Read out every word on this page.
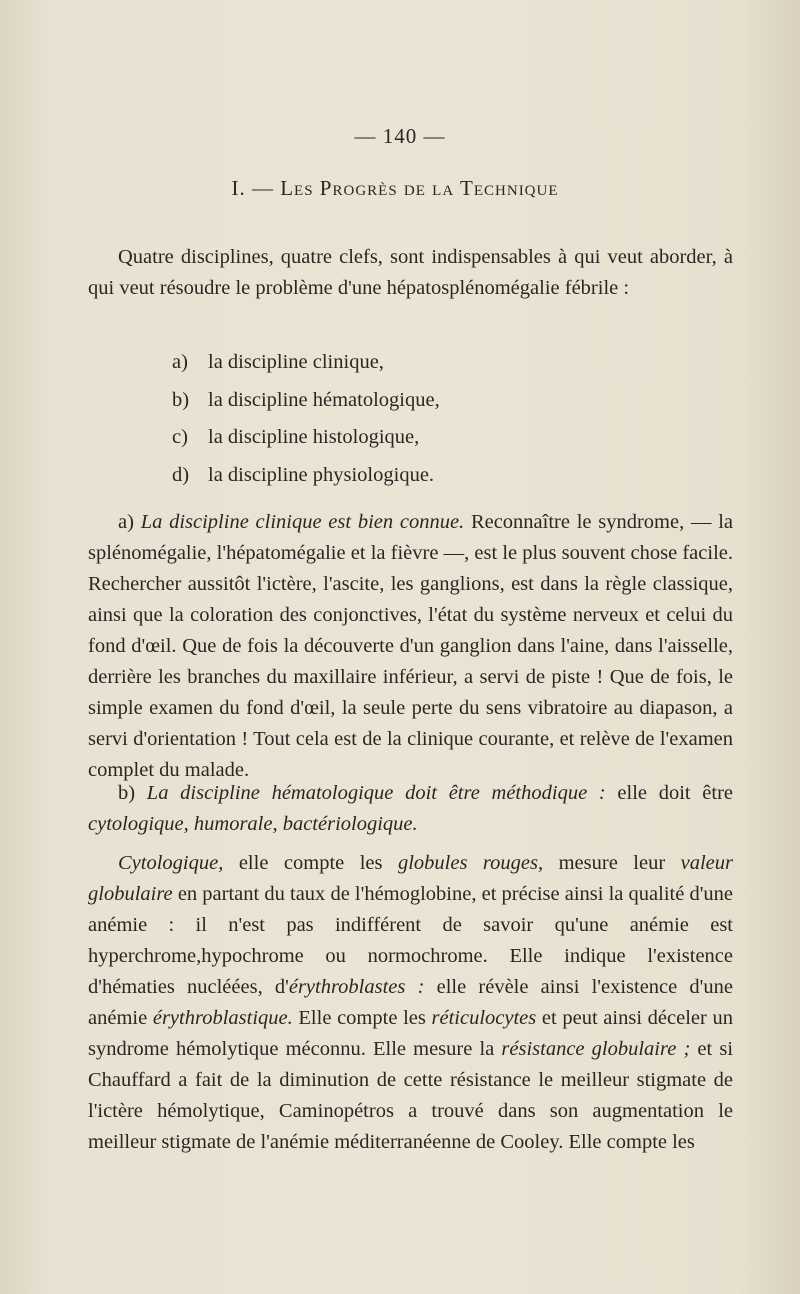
— 140 —
I. — Les Progrès de la Technique

Quatre disciplines, quatre clefs, sont indispensables à qui veut aborder, à qui veut résoudre le problème d'une hépatosplénomégalie fébrile :

a) la discipline clinique,
b) la discipline hématologique,
c) la discipline histologique,
d) la discipline physiologique.

a) La discipline clinique est bien connue. Reconnaître le syndrome, — la splénomégalie, l'hépatomégalie et la fièvre —, est le plus souvent chose facile. Rechercher aussitôt l'ictère, l'ascite, les ganglions, est dans la règle classique, ainsi que la coloration des conjonctives, l'état du système nerveux et celui du fond d'œil. Que de fois la découverte d'un ganglion dans l'aine, dans l'aisselle, derrière les branches du maxillaire inférieur, a servi de piste ! Que de fois, le simple examen du fond d'œil, la seule perte du sens vibratoire au diapason, a servi d'orientation ! Tout cela est de la clinique courante, et relève de l'examen complet du malade.

b) La discipline hématologique doit être méthodique : elle doit être cytologique, humorale, bactériologique.

Cytologique, elle compte les globules rouges, mesure leur valeur globulaire en partant du taux de l'hémoglobine, et précise ainsi la qualité d'une anémie : il n'est pas indifférent de savoir qu'une anémie est hyperchrome,hypochrome ou normochrome. Elle indique l'existence d'hématies nucléées, d'érythroblastes : elle révèle ainsi l'existence d'une anémie érythroblastique. Elle compte les réticulocytes et peut ainsi déceler un syndrome hémolytique méconnu. Elle mesure la résistance globulaire ; et si Chauffard a fait de la diminution de cette résistance le meilleur stigmate de l'ictère hémolytique, Caminopétros a trouvé dans son augmentation le meilleur stigmate de l'anémie méditerranéenne de Cooley. Elle compte les
